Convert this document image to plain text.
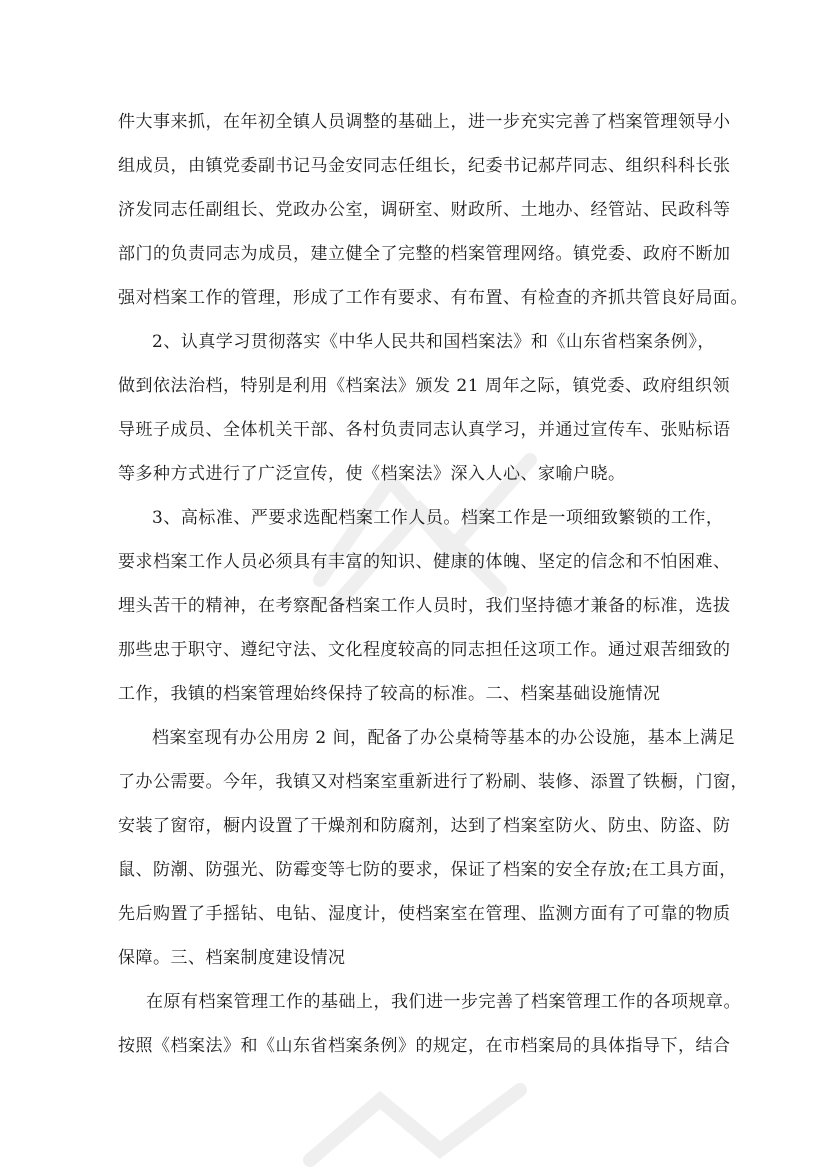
件大事来抓，在年初全镇人员调整的基础上，进一步充实完善了档案管理领导小
组成员，由镇党委副书记马金安同志任组长，纪委书记郝芹同志、组织科科长张
济发同志任副组长、党政办公室，调研室、财政所、土地办、经管站、民政科等
部门的负责同志为成员，建立健全了完整的档案管理网络。镇党委、政府不断加
强对档案工作的管理，形成了工作有要求、有布置、有检查的齐抓共管良好局面。
2、认真学习贯彻落实《中华人民共和国档案法》和《山东省档案条例》，
做到依法治档，特别是利用《档案法》颁发 21 周年之际，镇党委、政府组织领
导班子成员、全体机关干部、各村负责同志认真学习，并通过宣传车、张贴标语
等多种方式进行了广泛宣传，使《档案法》深入人心、家喻户晓。
3、高标准、严要求选配档案工作人员。档案工作是一项细致繁锁的工作，
要求档案工作人员必须具有丰富的知识、健康的体魄、坚定的信念和不怕困难、
埋头苦干的精神，在考察配备档案工作人员时，我们坚持德才兼备的标准，选拔
那些忠于职守、遵纪守法、文化程度较高的同志担任这项工作。通过艰苦细致的
工作，我镇的档案管理始终保持了较高的标准。二、档案基础设施情况
档案室现有办公用房 2 间，配备了办公桌椅等基本的办公设施，基本上满足
了办公需要。今年，我镇又对档案室重新进行了粉刷、装修、添置了铁橱，门窗，
安装了窗帘，橱内设置了干燥剂和防腐剂，达到了档案室防火、防虫、防盗、防
鼠、防潮、防强光、防霉变等七防的要求，保证了档案的安全存放;在工具方面，
先后购置了手摇钻、电钻、湿度计，使档案室在管理、监测方面有了可靠的物质
保障。三、档案制度建设情况
在原有档案管理工作的基础上，我们进一步完善了档案管理工作的各项规章。
按照《档案法》和《山东省档案条例》的规定，在市档案局的具体指导下，结合
